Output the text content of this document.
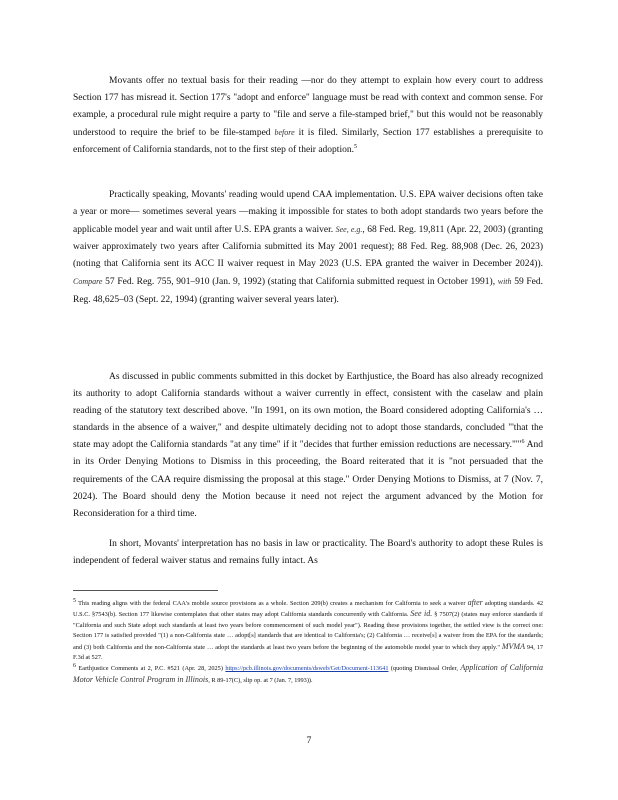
Movants offer no textual basis for their reading —nor do they attempt to explain how every court to address Section 177 has misread it. Section 177's "adopt and enforce" language must be read with context and common sense. For example, a procedural rule might require a party to "file and serve a file-stamped brief," but this would not be reasonably understood to require the brief to be file-stamped before it is filed. Similarly, Section 177 establishes a prerequisite to enforcement of California standards, not to the first step of their adoption.$^5$

Practically speaking, Movants' reading would upend CAA implementation. U.S. EPA waiver decisions often take a year or more— sometimes several years —making it impossible for states to both adopt standards two years before the applicable model year and wait until after U.S. EPA grants a waiver. See, e.g., 68 Fed. Reg. 19,811 (Apr. 22, 2003) (granting waiver approximately two years after California submitted its May 2001 request); 88 Fed. Reg. 88,908 (Dec. 26, 2023) (noting that California sent its ACC II waiver request in May 2023 (U.S. EPA granted the waiver in December 2024)). Compare 57 Fed. Reg. 755, 901–910 (Jan. 9, 1992) (stating that California submitted request in October 1991), with 59 Fed. Reg. 48,625–03 (Sept. 22, 1994) (granting waiver several years later).

As discussed in public comments submitted in this docket by Earthjustice, the Board has also already recognized its authority to adopt California standards without a waiver currently in effect, consistent with the caselaw and plain reading of the statutory text described above. "In 1991, on its own motion, the Board considered adopting California's … standards in the absence of a waiver," and despite ultimately deciding not to adopt those standards, concluded "'that the state may adopt the California standards "at any time" if it "decides that further emission reductions are necessary."'"$^6$ And in its Order Denying Motions to Dismiss in this proceeding, the Board reiterated that it is "not persuaded that the requirements of the CAA require dismissing the proposal at this stage." Order Denying Motions to Dismiss, at 7 (Nov. 7, 2024). The Board should deny the Motion because it need not reject the argument advanced by the Motion for Reconsideration for a third time.

In short, Movants' interpretation has no basis in law or practicality. The Board's authority to adopt these Rules is independent of federal waiver status and remains fully intact. As

5 This reading aligns with the federal CAA's mobile source provisions as a whole. Section 209(b) creates a mechanism for California to seek a waiver after adopting standards. 42 U.S.C. §7543(b). Section 177 likewise contemplates that other states may adopt California standards concurrently with California. See id. § 7507(2) (states may enforce standards if "California and such State adopt such standards at least two years before commencement of such model year"). Reading these provisions together, the settled view is the correct one: Section 177 is satisfied provided "(1) a non-California state … adopt[s] standards that are identical to California's; (2) California … receive[s] a waiver from the EPA for the standards; and (3) both California and the non-California state … adopt the standards at least two years before the beginning of the automobile model year to which they apply." MVMA 94, 17 F.3d at 527.

6 Earthjustice Comments at 2, P.C. #521 (Apr. 28, 2025) https://pcb.illinois.gov/documents/dsweb/Get/Document-113641 (quoting Dismissal Order, Application of California Motor Vehicle Control Program in Illinois, R 89-17(C), slip op. at 7 (Jan. 7, 1993)).

7
